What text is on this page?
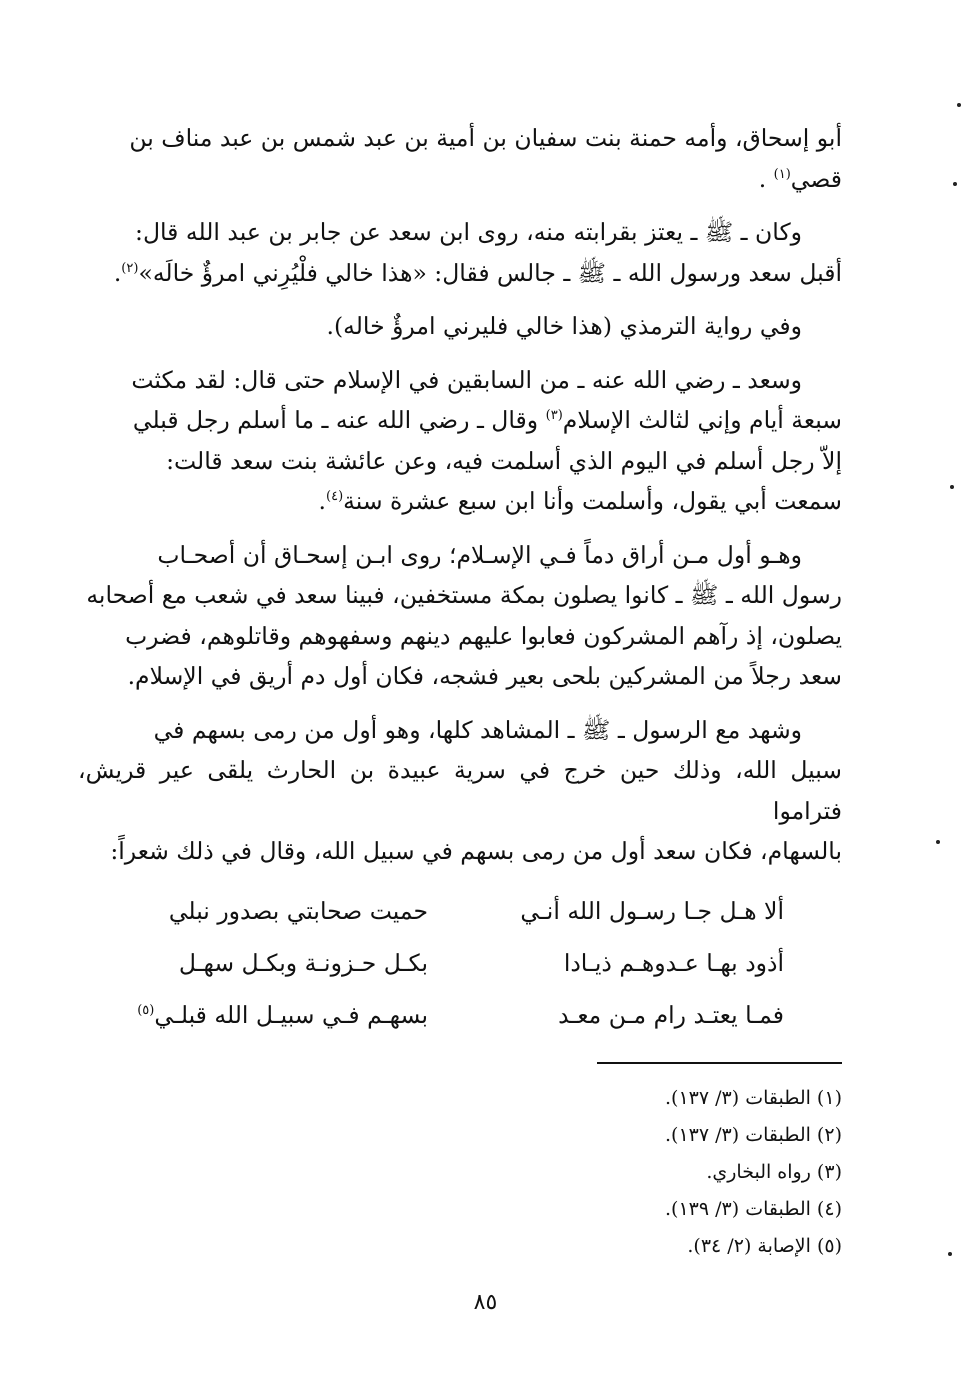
أبو إسحاق، وأمه حمنة بنت سفيان بن أمية بن عبد شمس بن عبد مناف بن

قصي$^{(١)}$ .

وكان ـ ﷺ ـ يعتز بقرابته منه، روى ابن سعد عن جابر بن عبد الله قال:

أقبل سعد ورسول الله ـ ﷺ ـ جالس فقال: «هذا خالي فلْيُرِني امرؤٌ خالَه»$^{(٢)}$.

وفي رواية الترمذي (هذا خالي فليرني امرؤٌ خاله).

وسعد ـ رضي الله عنه ـ من السابقين في الإسلام حتى قال: لقد مكثت

سبعة أيام وإني لثالث الإسلام$^{(٣)}$ وقال ـ رضي الله عنه ـ ما أسلم رجل قبلي

إلاّ رجل أسلم في اليوم الذي أسلمت فيه، وعن عائشة بنت سعد قالت:

سمعت أبي يقول، وأسلمت وأنا ابن سبع عشرة سنة$^{(٤)}$.

وهـو أول مـن أراق دماً فـي الإسـلام؛ روى ابـن إسحـاق أن أصحـاب

رسول الله ـ ﷺ ـ كانوا يصلون بمكة مستخفين، فبينا سعد في شعب مع أصحابه

يصلون، إذ رآهم المشركون فعابوا عليهم دينهم وسفهوهم وقاتلوهم، فضرب

سعد رجلاً من المشركين بلحى بعير فشجه، فكان أول دم أريق في الإسلام.

وشهد مع الرسول ـ ﷺ ـ المشاهد كلها، وهو أول من رمى بسهم في

سبيل الله، وذلك حين خرج في سرية عبيدة بن الحارث يلقى عير قريش، فتراموا

بالسهام، فكان سعد أول من رمى بسهم في سبيل الله، وقال في ذلك شعراً:

ألا هـل جـا رسـول الله أنـي
حميت صحابتي بصدور نبلي
أذود بهـا عـدوهـم ذيـادا
بكـل حـزونـة وبكـل سهـل
فمـا يعتـد رام مـن معـد
بسهـم فـي سبيـل الله قبلـي$^{(٥)}$
(١) الطبقات (٣/ ١٣٧).
(٢) الطبقات (٣/ ١٣٧).
(٣) رواه البخاري.
(٤) الطبقات (٣/ ١٣٩).
(٥) الإصابة (٢/ ٣٤).
٨٥
